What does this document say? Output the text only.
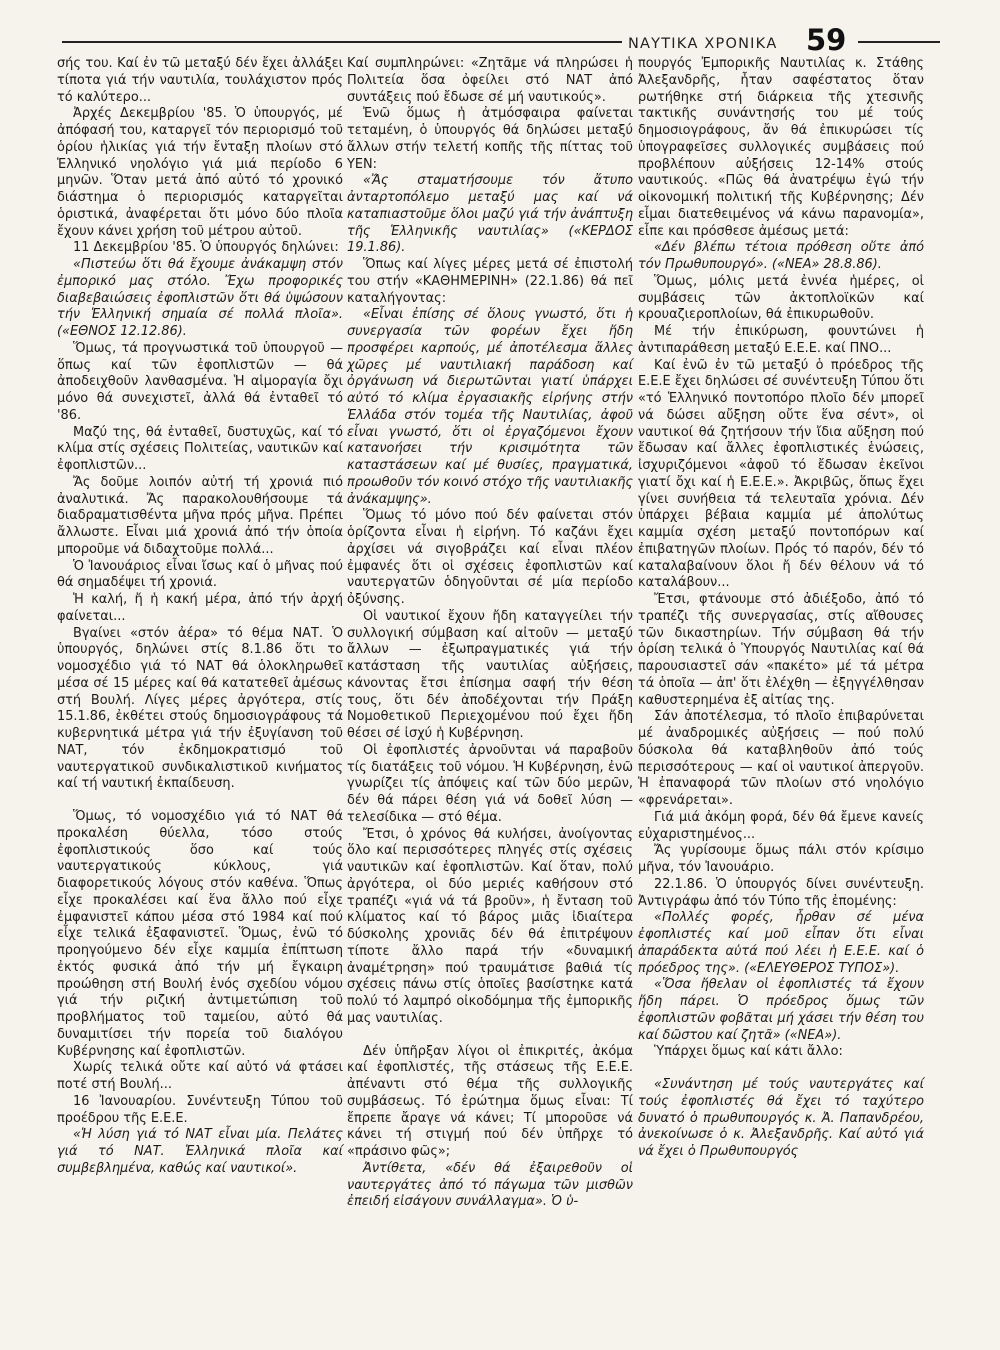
ΝΑΥΤΙΚΑ ΧΡΟΝΙΚΑ 59

σής του. Καί ἐν τῶ μεταξύ δέν ἔχει ἀλλάξει τίποτα γιά τήν ναυτιλία, τουλάχιστον πρός τό καλύτερο...

Ἀρχές Δεκεμβρίου '85. Ὁ ὑπουργός, μέ ἀπόφασή του, καταργεῖ τόν περιορισμό τοῦ ὁρίου ἡλικίας γιά τήν ἔνταξη πλοίων στό Ἑλληνικό νηολόγιο γιά μιά περίοδο 6 μηνῶν. Ὅταν μετά ἀπό αὐτό τό χρονικό διάστημα ὁ περιορισμός καταργεῖται ὁριστικά, ἀναφέρεται ὅτι μόνο δύο πλοῖα ἔχουν κάνει χρήση τοῦ μέτρου αὐτοῦ.

11 Δεκεμβρίου '85. Ὁ ὑπουργός δηλώνει:

«Πιστεύω ὅτι θά ἔχουμε ἀνάκαμψη στόν ἐμπορικό μας στόλο. Ἔχω προφορικές διαβεβαιώσεις ἐφοπλιστῶν ὅτι θά ὑψώσουν τήν Ἑλληνική σημαία σέ πολλά πλοῖα». («ΕΘΝΟΣ 12.12.86).

Ὅμως, τά προγνωστικά τοῦ ὑπουργοῦ — ὅπως καί τῶν ἐφοπλιστῶν — θά ἀποδειχθοῦν λανθασμένα. Ἡ αἱμοραγία ὄχι μόνο θά συνεχιστεῖ, ἀλλά θά ἐνταθεῖ τό '86.

Μαζύ της, θά ἐνταθεῖ, δυστυχῶς, καί τό κλίμα στίς σχέσεις Πολιτείας, ναυτικῶν καί ἐφοπλιστῶν...

Ἄς δοῦμε λοιπόν αὐτή τή χρονιά πιό ἀναλυτικά. Ἄς παρακολουθήσουμε τά διαδραματισθέντα μῆνα πρός μῆνα. Πρέπει ἄλλωστε. Εἶναι μιά χρονιά ἀπό τήν ὁποία μποροῦμε νά διδαχτοῦμε πολλά...

Ὁ Ἰανουάριος εἶναι ἴσως καί ὁ μῆνας πού θά σημαδέψει τή χρονιά.

Ἡ καλή, ἤ ἡ κακή μέρα, ἀπό τήν ἀρχή φαίνεται...

Βγαίνει «στόν ἀέρα» τό θέμα ΝΑΤ. Ὁ ὑπουργός, δηλώνει στίς 8.1.86 ὅτι το νομοσχέδιο γιά τό ΝΑΤ θά ὁλοκληρωθεῖ μέσα σέ 15 μέρες καί θά κατατεθεῖ ἀμέσως στή Βουλή. Λίγες μέρες ἀργότερα, στίς 15.1.86, ἐκθέτει στούς δημοσιογράφους τά κυβερνητικά μέτρα γιά τήν ἐξυγίανση τοῦ ΝΑΤ, τόν ἐκδημοκρατισμό τοῦ ναυτεργατικοῦ συνδικαλιστικοῦ κινήματος καί τή ναυτική ἐκπαίδευση.

Ὅμως, τό νομοσχέδιο γιά τό ΝΑΤ θά προκαλέση θύελλα, τόσο στούς ἐφοπλιστικούς ὅσο καί τούς ναυτεργατικούς κύκλους, γιά διαφορετικούς λόγους στόν καθένα. Ὅπως εἶχε προκαλέσει καί ἕνα ἄλλο πού εἶχε ἐμφανιστεῖ κάπου μέσα στό 1984 καί πού εἶχε τελικά ἐξαφανιστεῖ. Ὅμως, ἐνῶ τό προηγούμενο δέν εἶχε καμμία ἐπίπτωση ἐκτός φυσικά ἀπό τήν μή ἔγκαιρη προώθηση στή Βουλή ἑνός σχεδίου νόμου γιά τήν ριζική ἀντιμετώπιση τοῦ προβλήματος τοῦ ταμείου, αὐτό θά δυναμιτίσει τήν πορεία τοῦ διαλόγου Κυβέρνησης καί ἐφοπλιστῶν.

Χωρίς τελικά οὔτε καί αὐτό νά φτάσει ποτέ στή Βουλή...

16 Ἰανουαρίου. Συνέντευξη Τύπου τοῦ προέδρου τῆς Ε.Ε.Ε.

«Ἡ λύση γιά τό ΝΑΤ εἶναι μία. Πελάτες γιά τό ΝΑΤ. Ἑλληνικά πλοῖα καί συμβεβλημένα, καθώς καί ναυτικοί».

Καί συμπληρώνει: «Ζητᾶμε νά πληρώσει ἡ Πολιτεία ὅσα ὀφείλει στό ΝΑΤ ἀπό συντάξεις πού ἔδωσε σέ μή ναυτικούς».

Ἐνῶ ὅμως ἡ ἀτμόσφαιρα φαίνεται τεταμένη, ὁ ὑπουργός θά δηλώσει μεταξύ ἄλλων στήν τελετή κοπῆς τῆς πίττας τοῦ ΥΕΝ:

«Ἄς σταματήσουμε τόν ἄτυπο ἀνταρτοπόλεμο μεταξύ μας καί νά καταπιαστοῦμε ὅλοι μαζύ γιά τήν ἀνάπτυξη τῆς Ἑλληνικῆς ναυτιλίας» («ΚΕΡΔΟΣ 19.1.86).

Ὅπως καί λίγες μέρες μετά σέ ἐπιστολή του στήν «ΚΑΘΗΜΕΡΙΝΗ» (22.1.86) θά πεῖ καταλήγοντας:

«Εἶναι ἐπίσης σέ ὅλους γνωστό, ὅτι ἡ συνεργασία τῶν φορέων ἔχει ἤδη προσφέρει καρπούς, μέ ἀποτέλεσμα ἄλλες χῶρες μέ ναυτιλιακή παράδοση καί ὀργάνωση νά διερωτῶνται γιατί ὑπάρχει αὐτό τό κλίμα ἐργασιακῆς εἰρήνης στήν Ἑλλάδα στόν τομέα τῆς Ναυτιλίας, ἀφοῦ εἶναι γνωστό, ὅτι οἱ ἐργαζόμενοι ἔχουν κατανοήσει τήν κρισιμότητα τῶν καταστάσεων καί μέ θυσίες, πραγματικά, προωθοῦν τόν κοινό στόχο τῆς ναυτιλιακῆς ἀνάκαμψης».

Ὅμως τό μόνο πού δέν φαίνεται στόν ὁρίζοντα εἶναι ἡ εἰρήνη. Τό καζάνι ἔχει ἀρχίσει νά σιγοβράζει καί εἶναι πλέον ἐμφανές ὅτι οἱ σχέσεις ἐφοπλιστῶν καί ναυτεργατῶν ὁδηγοῦνται σέ μία περίοδο ὀξύνσης.

Οἱ ναυτικοί ἔχουν ἤδη καταγγείλει τήν συλλογική σύμβαση καί αἰτοῦν — μεταξύ ἄλλων — ἐξωπραγματικές γιά τήν κατάσταση τῆς ναυτιλίας αὐξήσεις, κάνοντας ἔτσι ἐπίσημα σαφή τήν θέση τους, ὅτι δέν ἀποδέχονται τήν Πράξη Νομοθετικοῦ Περιεχομένου πού ἔχει ἤδη θέσει σέ ἰσχύ ἡ Κυβέρνηση.

Οἱ ἐφοπλιστές ἀρνοῦνται νά παραβοῦν τίς διατάξεις τοῦ νόμου. Ἡ Κυβέρνηση, ἐνῶ γνωρίζει τίς ἀπόψεις καί τῶν δύο μερῶν, δέν θά πάρει θέση γιά νά δοθεῖ λύση — τελεσίδικα — στό θέμα.

Ἔτσι, ὁ χρόνος θά κυλήσει, ἀνοίγοντας ὅλο καί περισσότερες πληγές στίς σχέσεις ναυτικῶν καί ἐφοπλιστῶν. Καί ὅταν, πολύ ἀργότερα, οἱ δύο μεριές καθήσουν στό τραπέζι «γιά νά τά βροῦν», ἡ ἔνταση τοῦ κλίματος καί τό βάρος μιᾶς ἰδιαίτερα δύσκολης χρονιᾶς δέν θά ἐπιτρέψουν τίποτε ἄλλο παρά τήν «δυναμική ἀναμέτρηση» πού τραυμάτισε βαθιά τίς σχέσεις πάνω στίς ὁποῖες βασίστηκε κατά πολύ τό λαμπρό οἰκοδόμημα τῆς ἐμπορικῆς μας ναυτιλίας.

Δέν ὑπῆρξαν λίγοι οἱ ἐπικριτές, ἀκόμα καί ἐφοπλιστές, τῆς στάσεως τῆς Ε.Ε.Ε. ἀπέναντι στό θέμα τῆς συλλογικῆς συμβάσεως. Τό ἐρώτημα ὅμως εἶναι: Τί ἔπρεπε ἄραγε νά κάνει; Τί μποροῦσε νά κάνει τή στιγμή πού δέν ὑπῆρχε τό «πράσινο φῶς»;

Ἀντίθετα, «δέν θά ἐξαιρεθοῦν οἱ ναυτεργάτες ἀπό τό πάγωμα τῶν μισθῶν ἐπειδή εἰσάγουν συνάλλαγμα». Ὁ ὑ-

πουργός Ἐμπορικῆς Ναυτιλίας κ. Στάθης Ἀλεξανδρῆς, ἦταν σαφέστατος ὅταν ρωτήθηκε στή διάρκεια τῆς χτεσινῆς τακτικῆς συνάντησής του μέ τούς δημοσιογράφους, ἄν θά ἐπικυρώσει τίς ὑπογραφεῖσες συλλογικές συμβάσεις πού προβλέπουν αὐξήσεις 12-14% στούς ναυτικούς. «Πῶς θά ἀνατρέψω ἐγώ τήν οἰκονομική πολιτική τῆς Κυβέρνησης; Δέν εἶμαι διατεθειμένος νά κάνω παρανομία», εἶπε και πρόσθεσε ἀμέσως μετά:

«Δέν βλέπω τέτοια πρόθεση οὔτε ἀπό τόν Πρωθυπουργό». («ΝΕΑ» 28.8.86).

Ὅμως, μόλις μετά ἐννέα ἡμέρες, οἱ συμβάσεις τῶν ἀκτοπλοϊκῶν καί κρουαζιεροπλοίων, θά ἐπικυρωθοῦν.

Μέ τήν ἐπικύρωση, φουντώνει ἡ ἀντιπαράθεση μεταξύ Ε.Ε.Ε. καί ΠΝΟ...

Καί ἐνῶ ἐν τῶ μεταξύ ὁ πρόεδρος τῆς Ε.Ε.Ε ἔχει δηλώσει σέ συνέντευξη Τύπου ὅτι «τό Ἑλληνικό ποντοπόρο πλοῖο δέν μπορεῖ νά δώσει αὔξηση οὔτε ἕνα σέντ», οἱ ναυτικοί θά ζητήσουν τήν ἴδια αὔξηση πού ἔδωσαν καί ἄλλες ἐφοπλιστικές ἑνώσεις, ἰσχυριζόμενοι «ἀφοῦ τό ἔδωσαν ἐκεῖνοι γιατί ὄχι καί ἡ Ε.Ε.Ε.». Ἀκριβῶς, ὅπως ἔχει γίνει συνήθεια τά τελευταῖα χρόνια. Δέν ὑπάρχει βέβαια καμμία μέ ἀπολύτως καμμία σχέση μεταξύ ποντοπόρων καί ἐπιβατηγῶν πλοίων. Πρός τό παρόν, δέν τό καταλαβαίνουν ὅλοι ἤ δέν θέλουν νά τό καταλάβουν...

Ἔτσι, φτάνουμε στό ἀδιέξοδο, ἀπό τό τραπέζι τῆς συνεργασίας, στίς αἴθουσες τῶν δικαστηρίων. Τήν σύμβαση θά τήν ὁρίση τελικά ὁ Ὑπουργός Ναυτιλίας καί θά παρουσιαστεῖ σάν «πακέτο» μέ τά μέτρα τά ὁποῖα — ἀπ' ὅτι ἐλέχθη — ἐξηγγέλθησαν καθυστερημένα ἐξ αἰτίας της.

Σάν ἀποτέλεσμα, τό πλοῖο ἐπιβαρύνεται μέ ἀναδρομικές αὐξήσεις — πού πολύ δύσκολα θά καταβληθοῦν ἀπό τούς περισσότερους — καί οἱ ναυτικοί ἀπεργοῦν. Ἡ ἐπαναφορά τῶν πλοίων στό νηολόγιο «φρενάρεται».

Γιά μιά ἀκόμη φορά, δέν θά ἔμενε κανείς εὐχαριστημένος...

Ἄς γυρίσουμε ὅμως πάλι στόν κρίσιμο μῆνα, τόν Ἰανουάριο.

22.1.86. Ὁ ὑπουργός δίνει συνέντευξη. Ἀντιγράφω ἀπό τόν Τύπο τῆς ἐπομένης:

«Πολλές φορές, ἦρθαν σέ μένα ἐφοπλιστές καί μοῦ εἶπαν ὅτι εἶναι ἀπαράδεκτα αὐτά πού λέει ἡ Ε.Ε.Ε. καί ὁ πρόεδρος της». («ΕΛΕΥΘΕΡΟΣ ΤΥΠΟΣ»).

«Ὅσα ἤθελαν οἱ ἐφοπλιστές τά ἔχουν ἤδη πάρει. Ὁ πρόεδρος ὅμως τῶν ἐφοπλιστῶν φοβᾶται μή χάσει τήν θέση του καί δῶστου καί ζητᾶ» («ΝΕΑ»).

Ὑπάρχει ὅμως καί κάτι ἄλλο:

«Συνάντηση μέ τούς ναυτεργάτες καί τούς ἐφοπλιστές θά ἔχει τό ταχύτερο δυνατό ὁ πρωθυπουργός κ. Ἀ. Παπανδρέου, ἀνεκοίνωσε ὁ κ. Ἀλεξανδρῆς. Καί αὐτό γιά νά ἔχει ὁ Πρωθυπουργός
